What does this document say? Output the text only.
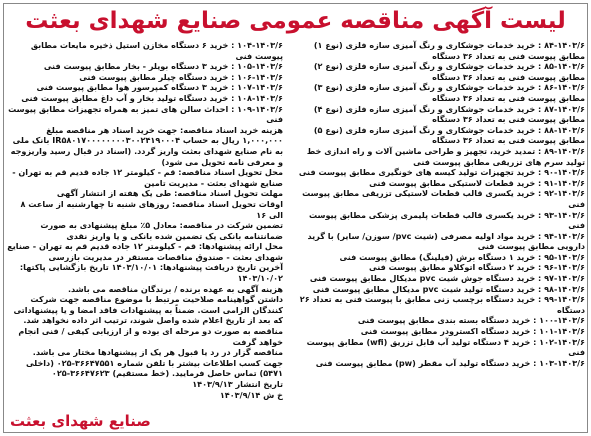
لیست آگهی مناقصه عمومی صنایع شهدای بعثت

۸۴-۱۴۰۳/۶ : خرید خدمات جوشکاری و رنگ آمیزی سازه فلزی (نوع ۱) مطابق پیوست فنی به تعداد ۳۶ دستگاه

۸۵-۱۴۰۳/۶ : خرید خدمات جوشکاری و رنگ آمیزی سازه فلزی (نوع ۲) مطابق پیوست فنی به تعداد ۳۶ دستگاه

۸۶-۱۴۰۳/۶ : خرید خدمات جوشکاری و رنگ آمیزی سازه فلزی (نوع ۳) مطابق پیوست فنی به تعداد ۳۶ دستگاه

۸۷-۱۴۰۳/۶ : خرید خدمات جوشکاری و رنگ آمیزی سازه فلزی (نوع ۴) مطابق پیوست فنی به تعداد ۳۶ دستگاه

۸۸-۱۴۰۳/۶ : خرید خدمات جوشکاری و رنگ آمیزی سازه فلزی (نوع ۵) مطابق پیوست فنی به تعداد ۳۶ دستگاه

۸۹-۱۴۰۳/۶ : تمدید خرید، تجهیز و طراحی ماشین آلات و راه اندازی خط تولید سرم های تزریقی مطابق پیوست فنی

۹۰-۱۴۰۳/۶ : خرید تجهیزات تولید کیسه های خونگیری مطابق پیوست فنی

۹۱-۱۴۰۳/۶ : خرید قطعات لاستیکی مطابق پیوست فنی

۹۲-۱۴۰۳/۶ : خرید یکسری قالب قطعات لاستیکی تزریقی مطابق پیوست فنی

۹۳-۱۴۰۳/۶ : خرید یکسری قالب قطعات پلیمری پزشکی مطابق پیوست فنی

۹۴-۱۴۰۳/۶ : خرید مواد اولیه مصرفی (شیت pvc/ سوزن/ سایر) با گرید دارویی مطابق پیوست فنی

۹۵-۱۴۰۳/۶ : خرید ۱ دستگاه برش (فیلینگ) مطابق پیوست فنی

۹۶-۱۴۰۳/۶ : خرید ۲ دستگاه اتوکلاو مطابق پیوست فنی

۹۷-۱۴۰۳/۶ : خرید دستگاه جوش شیت pvc مدیکال مطابق پیوست فنی

۹۸-۱۴۰۳/۶ : خرید دستگاه تولید شیت pvc مدیکال مطابق پیوست فنی

۹۹-۱۴۰۳/۶ : خرید دستگاه برچسب زنی مطابق با پیوست فنی به تعداد ۲۶ دستگاه

۱۰۰-۱۴۰۳/۶ : خرید دستگاه بسته بندی مطابق پیوست فنی

۱۰۱-۱۴۰۳/۶ : خرید دستگاه اکسترودر مطابق پیوست فنی

۱۰۲-۱۴۰۳/۶ : خرید ۴ دستگاه تولید آب قابل تزریق (wfi) مطابق پیوست فنی

۱۰۳-۱۴۰۳/۶ : خرید دستگاه تولید آب مقطر (pw) مطابق پیوست فنی

۱۰۴-۱۴۰۳/۶ : خرید ۶ دستگاه مخازن استیل ذخیره مایعات مطابق پیوست فنی

۱۰۵-۱۴۰۳/۶ : خرید ۳ دستگاه بویلر - بخار مطابق پیوست فنی

۱۰۶-۱۴۰۳/۶ : خرید دستگاه چیلر مطابق پیوست فنی

۱۰۷-۱۴۰۳/۶ : خرید ۳ دستگاه کمپرسور هوا مطابق پیوست فنی

۱۰۸-۱۴۰۳/۶ : خرید دستگاه تولید بخار و آب داغ مطابق پیوست فنی

۱۰۹-۱۴۰۳/۶ : احداث سالن های تمیز به همراه تجهیزات مطابق پیوست فنی

هزینه خرید اسناد مناقصه: جهت خرید اسناد هر مناقصه مبلغ ۱,۰۰۰,۰۰۰ ریال به حساب IR۵۸۰۱۷۰۰۰۰۰۰۰۰۳۰۰۲۴۱۹۰۰۰۴ بانک ملی به نام صنایع شهدای بعثت واریز گردد. (اسناد در قبال رسید واریزوجه و معرفی نامه تحویل می شود)

محل تحویل اسناد مناقصه: قم - کیلومتر ۱۲ جاده قدیم قم به تهران - صنایع شهدای بعثت - مدیریت تامین

مهلت تحویل اسناد مناقصه: طی یک هفته از انتشار آگهی

اوقات تحویل اسناد مناقصه: روزهای شنبه تا چهارشنبه از ساعت ۸ الی ۱۶

تضمین شرکت در مناقصه: معادل ۵٪ مبلغ پیشنهادی به صورت ضمانتنامه بانکی یک تضمین شده بانکی و یا واریز نقدی

محل ارائه پیشنهادها: قم - کیلومتر ۱۲ جاده قدیم قم به تهران - صنایع شهدای بعثت - صندوق مناقصات مستقر در مدیریت بازرسی

آخرین تاریخ دریافت پیشنهادها: ۱۴۰۳/۱۰/۰۱ تاریخ بازگشایی پاکتها: ۱۴۰۳/۱۰/۰۲

هزینه آگهی به عهده برنده / برندگان مناقصه می باشد.

داشتن گواهینامه صلاحیت مرتبط با موضوع مناقصه جهت شرکت کنندگان الزامی است. ضمناً به پیشنهادات فاقد امضا و یا پیشنهاداتی که بعد از تاریخ اعلام شده واصل شوند، ترتیب اثر داده نخواهد شد.

مناقصه به صورت دو مرحله ای بوده و از ارزیابی کیفی / فنی انجام خواهد گرفت

مناقصه گزار در رد یا قبول هر یک از پیشنهادها مختار می باشد.

جهت کسب اطلاعات بیشتر با تلفن شماره ۳۶۶۴۷۵۵۱-۰۲۵ (داخلی ۵۴۷۱) تماس حاصل فرمایید. (خط مستقیم) ۳۶۶۴۷۶۲۳-۰۲۵

تاریخ انتشار ۱۴۰۳/۹/۱۳
خ ش ۱۴۰۳/۹/۱۴
صنایع شهدای بعثت
